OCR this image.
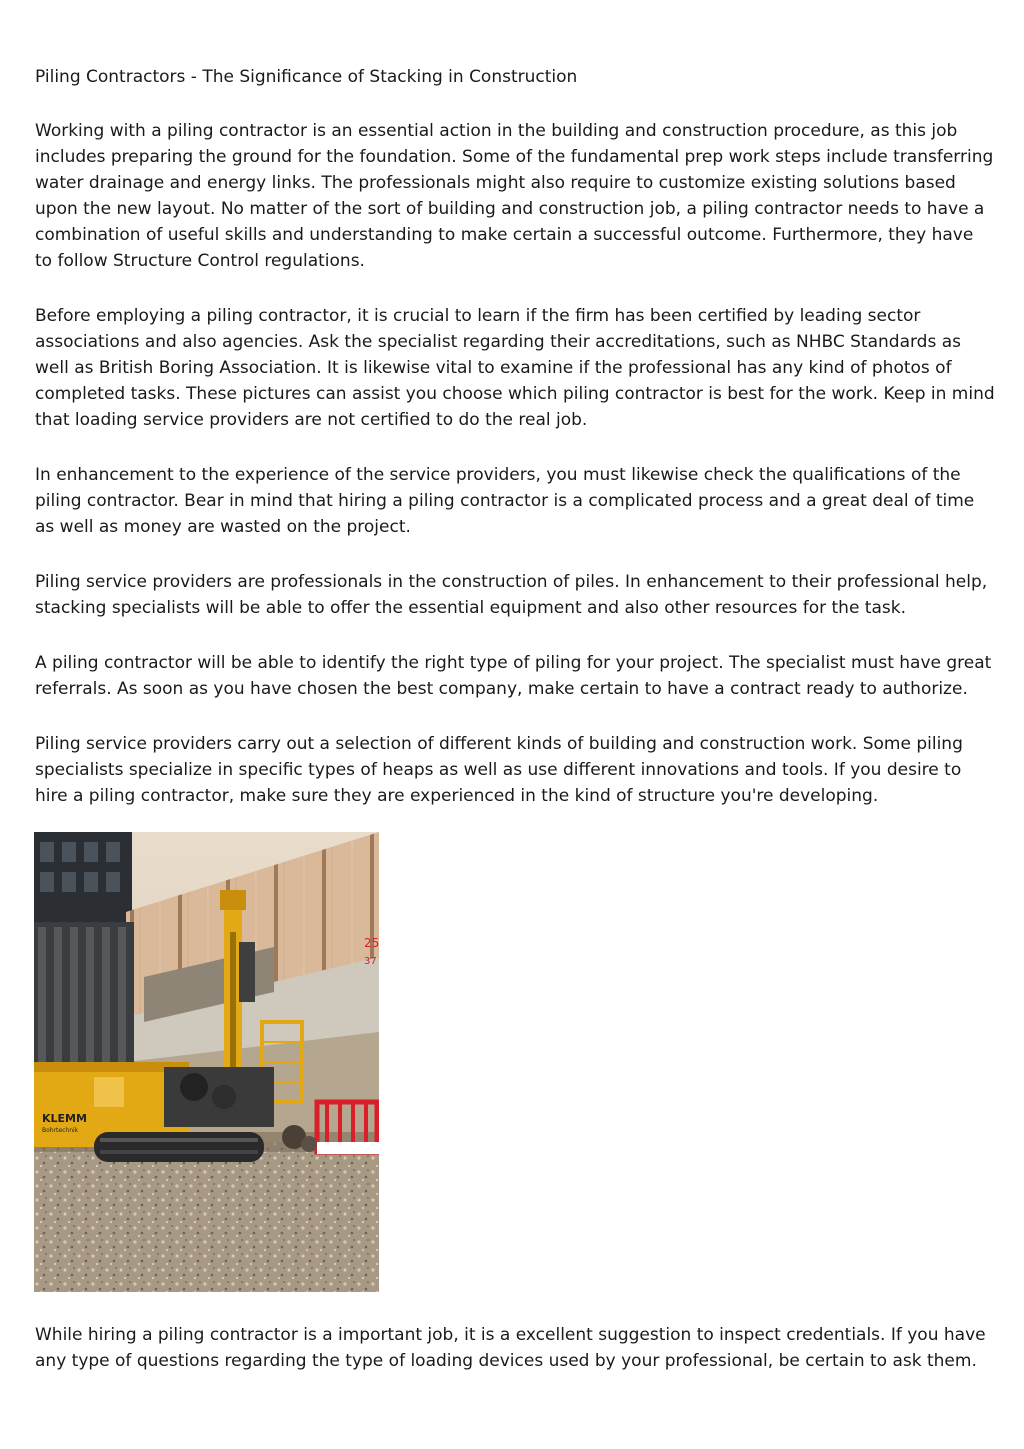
Piling Contractors - The Significance of Stacking in Construction

Working with a piling contractor is an essential action in the building and construction procedure, as this job includes preparing the ground for the foundation. Some of the fundamental prep work steps include transferring water drainage and energy links. The professionals might also require to customize existing solutions based upon the new layout. No matter of the sort of building and construction job, a piling contractor needs to have a combination of useful skills and understanding to make certain a successful outcome. Furthermore, they have to follow Structure Control regulations.

Before employing a piling contractor, it is crucial to learn if the firm has been certified by leading sector associations and also agencies. Ask the specialist regarding their accreditations, such as NHBC Standards as well as British Boring Association. It is likewise vital to examine if the professional has any kind of photos of completed tasks. These pictures can assist you choose which piling contractor is best for the work. Keep in mind that loading service providers are not certified to do the real job.

In enhancement to the experience of the service providers, you must likewise check the qualifications of the piling contractor. Bear in mind that hiring a piling contractor is a complicated process and a great deal of time as well as money are wasted on the project.

Piling service providers are professionals in the construction of piles. In enhancement to their professional help, stacking specialists will be able to offer the essential equipment and also other resources for the task.

A piling contractor will be able to identify the right type of piling for your project. The specialist must have great referrals. As soon as you have chosen the best company, make certain to have a contract ready to authorize.

Piling service providers carry out a selection of different kinds of building and construction work. Some piling specialists specialize in specific types of heaps as well as use different innovations and tools. If you desire to hire a piling contractor, make sure they are experienced in the kind of structure you're developing.

25
37
KLEMM
Bohrtechnik

While hiring a piling contractor is a important job, it is a excellent suggestion to inspect credentials. If you have any type of questions regarding the type of loading devices used by your professional, be certain to ask them.
